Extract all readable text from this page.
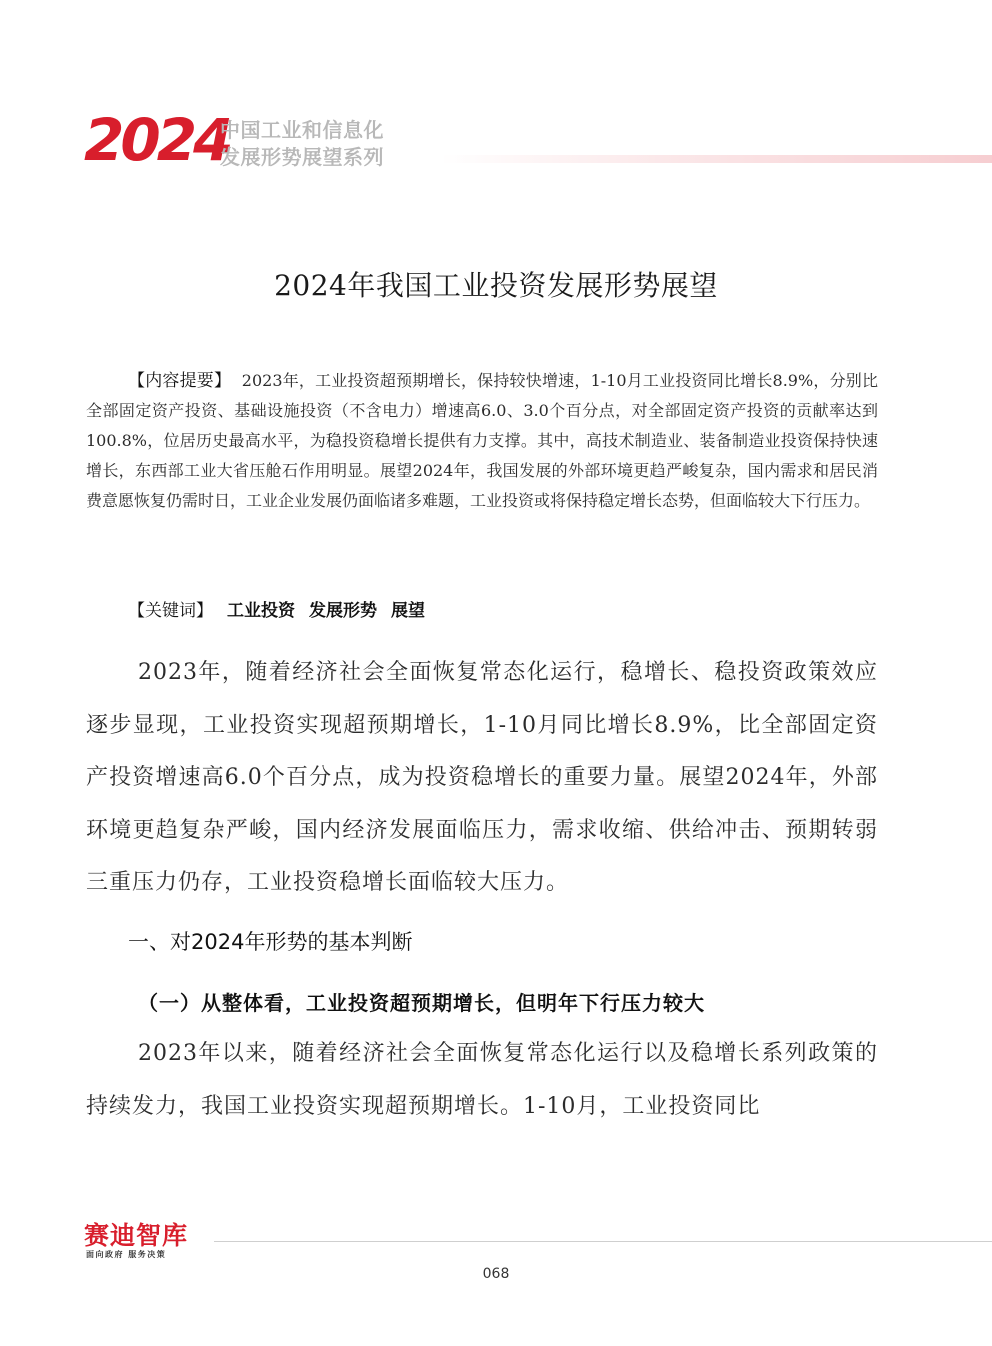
2024
中国工业和信息化
发展形势展望系列
2024年我国工业投资发展形势展望
【内容提要】 2023年，工业投资超预期增长，保持较快增速，1-10月工业投资同比增长8.9%，分别比全部固定资产投资、基础设施投资（不含电力）增速高6.0、3.0个百分点，对全部固定资产投资的贡献率达到100.8%，位居历史最高水平，为稳投资稳增长提供有力支撑。其中，高技术制造业、装备制造业投资保持快速增长，东西部工业大省压舱石作用明显。展望2024年，我国发展的外部环境更趋严峻复杂，国内需求和居民消费意愿恢复仍需时日，工业企业发展仍面临诸多难题，工业投资或将保持稳定增长态势，但面临较大下行压力。
【关键词】 工业投资 发展形势 展望
2023年，随着经济社会全面恢复常态化运行，稳增长、稳投资政策效应逐步显现，工业投资实现超预期增长，1-10月同比增长8.9%，比全部固定资产投资增速高6.0个百分点，成为投资稳增长的重要力量。展望2024年，外部环境更趋复杂严峻，国内经济发展面临压力，需求收缩、供给冲击、预期转弱三重压力仍存，工业投资稳增长面临较大压力。
一、对2024年形势的基本判断
（一）从整体看，工业投资超预期增长，但明年下行压力较大
2023年以来，随着经济社会全面恢复常态化运行以及稳增长系列政策的持续发力，我国工业投资实现超预期增长。1-10月，工业投资同比
赛迪智库
面向政府 服务决策
068
